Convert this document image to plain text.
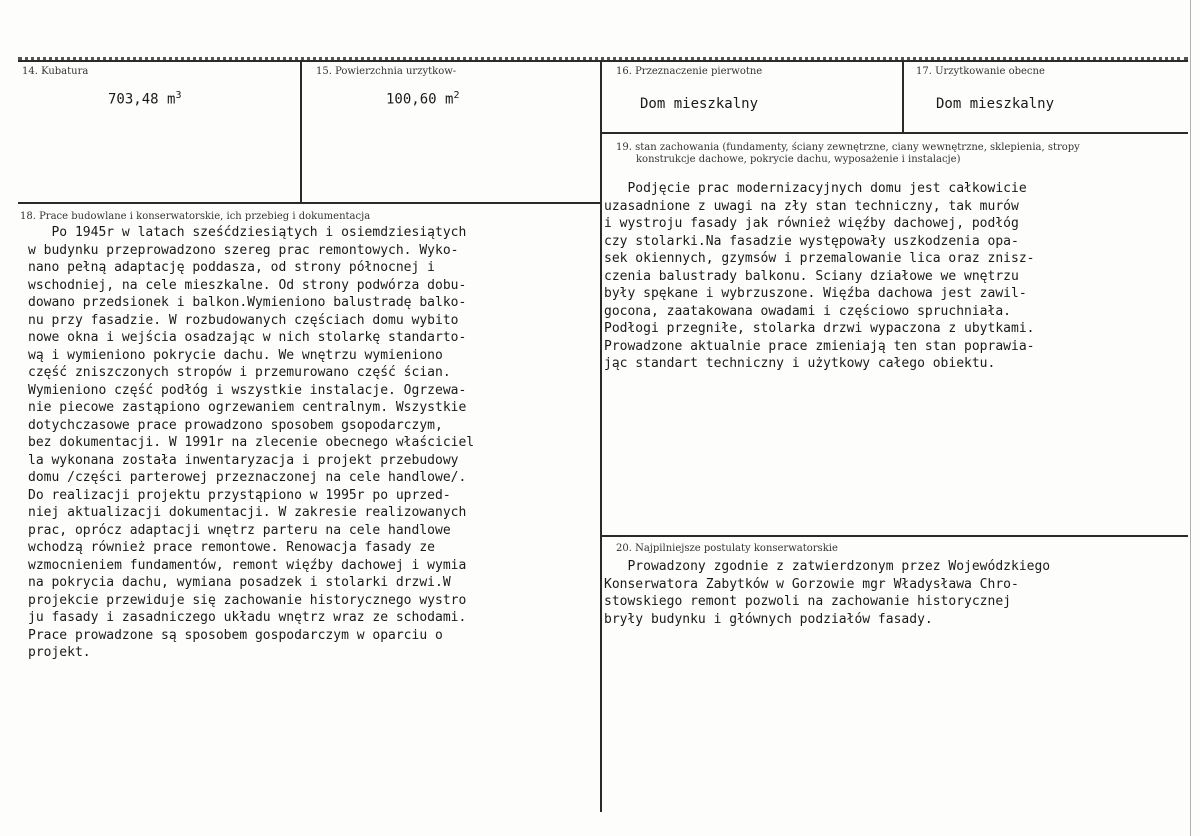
14. Kubatura
703,48 $m^3$
15. Powierzchnia urzytkow-
100,60 $m^2$
16. Przeznaczenie pierwotne
Dom mieszkalny
17. Urzytkowanie obecne
Dom mieszkalny
18. Prace budowlane i konserwatorskie, ich przebieg i dokumentacja
Po 1945r w latach sześćdziesiątych i osiemdziesiątych
w budynku przeprowadzono szereg prac remontowych. Wyko-
nano pełną adaptację poddasza, od strony północnej i
wschodniej, na cele mieszkalne. Od strony podwórza dobu-
dowano przedsionek i balkon.Wymieniono balustradę balko-
nu przy fasadzie. W rozbudowanych częściach domu wybito
nowe okna i wejścia osadzając w nich stolarkę standarto-
wą i wymieniono pokrycie dachu. We wnętrzu wymieniono
część zniszczonych stropów i przemurowano część ścian.
Wymieniono część podłóg i wszystkie instalacje. Ogrzewa-
nie piecowe zastąpiono ogrzewaniem centralnym. Wszystkie
dotychczasowe prace prowadzono sposobem gsopodarczym,
bez dokumentacji. W 1991r na zlecenie obecnego właściciel
la wykonana została inwentaryzacja i projekt przebudowy
domu /części parterowej przeznaczonej na cele handlowe/.
Do realizacji projektu przystąpiono w 1995r po uprzed-
niej aktualizacji dokumentacji. W zakresie realizowanych
prac, oprócz adaptacji wnętrz parteru na cele handlowe
wchodzą również prace remontowe. Renowacja fasady ze
wzmocnieniem fundamentów, remont więźby dachowej i wymia
na pokrycia dachu, wymiana posadzek i stolarki drzwi.W
projekcie przewiduje się zachowanie historycznego wystro
ju fasady i zasadniczego układu wnętrz wraz ze schodami.
Prace prowadzone są sposobem gospodarczym w oparciu o
projekt.
19. stan zachowania (fundamenty, ściany zewnętrzne, ciany wewnętrzne, sklepienia, stropy
konstrukcje dachowe, pokrycie dachu, wyposażenie i instalacje)
Podjęcie prac modernizacyjnych domu jest całkowicie
uzasadnione z uwagi na zły stan techniczny, tak murów
i wystroju fasady jak również więźby dachowej, podłóg
czy stolarki.Na fasadzie występowały uszkodzenia opa-
sek okiennych, gzymsów i przemalowanie lica oraz znisz-
czenia balustrady balkonu. Sciany działowe we wnętrzu
były spękane i wybrzuszone. Więźba dachowa jest zawil-
gocona, zaatakowana owadami i częściowo spruchniała.
Podłogi przegniłe, stolarka drzwi wypaczona z ubytkami.
Prowadzone aktualnie prace zmieniają ten stan poprawia-
jąc standart techniczny i użytkowy całego obiektu.
20. Najpilniejsze postulaty konserwatorskie
Prowadzony zgodnie z zatwierdzonym przez Wojewódzkiego
Konserwatora Zabytków w Gorzowie mgr Władysława Chro-
stowskiego remont pozwoli na zachowanie historycznej
bryły budynku i głównych podziałów fasady.
